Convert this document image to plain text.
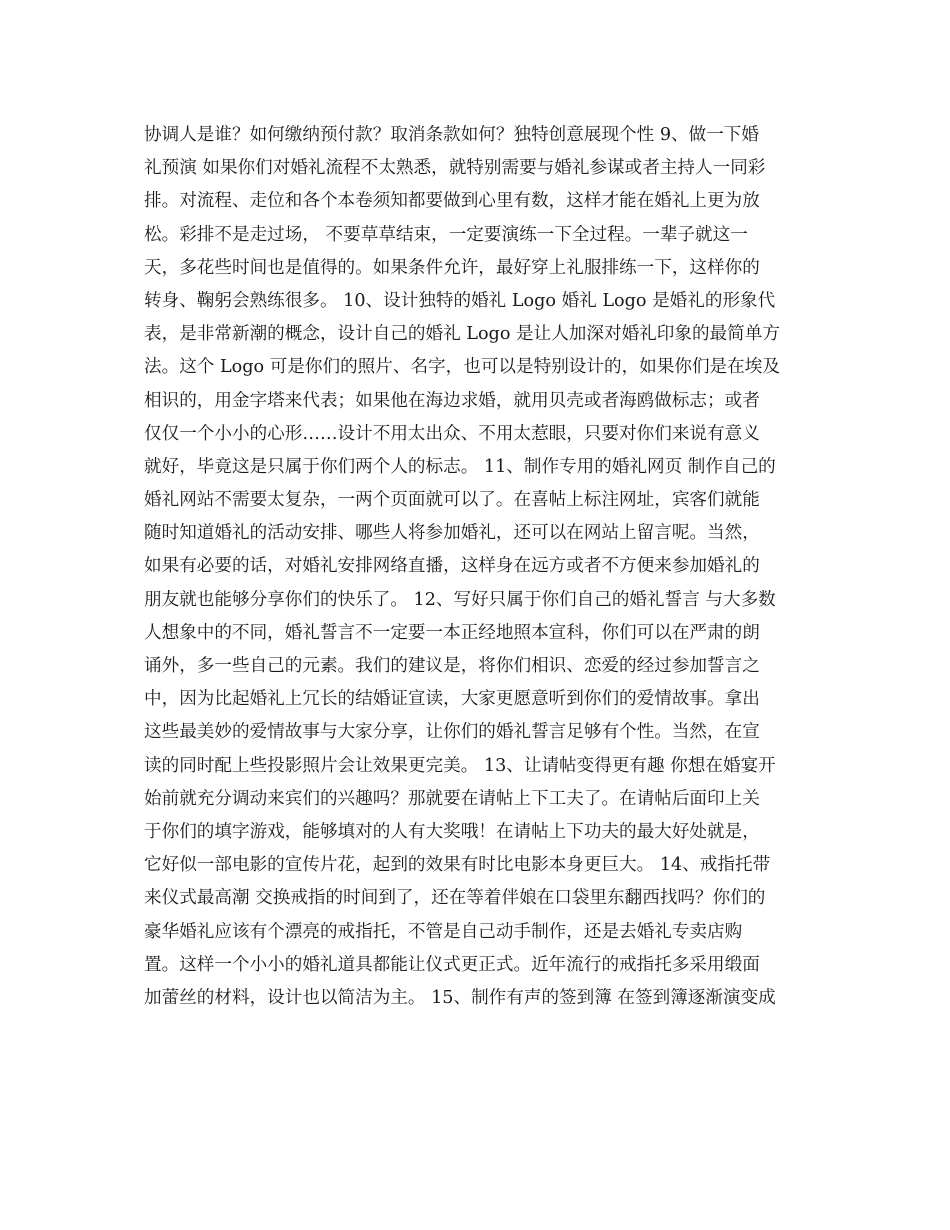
协调人是谁？如何缴纳预付款？取消条款如何？独特创意展现个性 9、做一下婚
礼预演 如果你们对婚礼流程不太熟悉，就特别需要与婚礼参谋或者主持人一同彩
排。对流程、走位和各个本卷须知都要做到心里有数，这样才能在婚礼上更为放
松。彩排不是走过场， 不要草草结束，一定要演练一下全过程。一辈子就这一
天，多花些时间也是值得的。如果条件允许，最好穿上礼服排练一下，这样你的
转身、鞠躬会熟练很多。 10、设计独特的婚礼 Logo 婚礼 Logo 是婚礼的形象代
表，是非常新潮的概念，设计自己的婚礼 Logo 是让人加深对婚礼印象的最简单方
法。这个 Logo 可是你们的照片、名字，也可以是特别设计的，如果你们是在埃及
相识的，用金字塔来代表；如果他在海边求婚，就用贝壳或者海鸥做标志；或者
仅仅一个小小的心形……设计不用太出众、不用太惹眼，只要对你们来说有意义
就好，毕竟这是只属于你们两个人的标志。 11、制作专用的婚礼网页 制作自己的
婚礼网站不需要太复杂，一两个页面就可以了。在喜帖上标注网址，宾客们就能
随时知道婚礼的活动安排、哪些人将参加婚礼，还可以在网站上留言呢。当然，
如果有必要的话，对婚礼安排网络直播，这样身在远方或者不方便来参加婚礼的
朋友就也能够分享你们的快乐了。 12、写好只属于你们自己的婚礼誓言 与大多数
人想象中的不同，婚礼誓言不一定要一本正经地照本宣科，你们可以在严肃的朗
诵外，多一些自己的元素。我们的建议是，将你们相识、恋爱的经过参加誓言之
中，因为比起婚礼上冗长的结婚证宣读，大家更愿意听到你们的爱情故事。拿出
这些最美妙的爱情故事与大家分享，让你们的婚礼誓言足够有个性。当然，在宣
读的同时配上些投影照片会让效果更完美。 13、让请帖变得更有趣 你想在婚宴开
始前就充分调动来宾们的兴趣吗？那就要在请帖上下工夫了。在请帖后面印上关
于你们的填字游戏，能够填对的人有大奖哦！在请帖上下功夫的最大好处就是，
它好似一部电影的宣传片花，起到的效果有时比电影本身更巨大。 14、戒指托带
来仪式最高潮 交换戒指的时间到了，还在等着伴娘在口袋里东翻西找吗？你们的
豪华婚礼应该有个漂亮的戒指托，不管是自己动手制作，还是去婚礼专卖店购
置。这样一个小小的婚礼道具都能让仪式更正式。近年流行的戒指托多采用缎面
加蕾丝的材料，设计也以简洁为主。 15、制作有声的签到簿 在签到簿逐渐演变成
